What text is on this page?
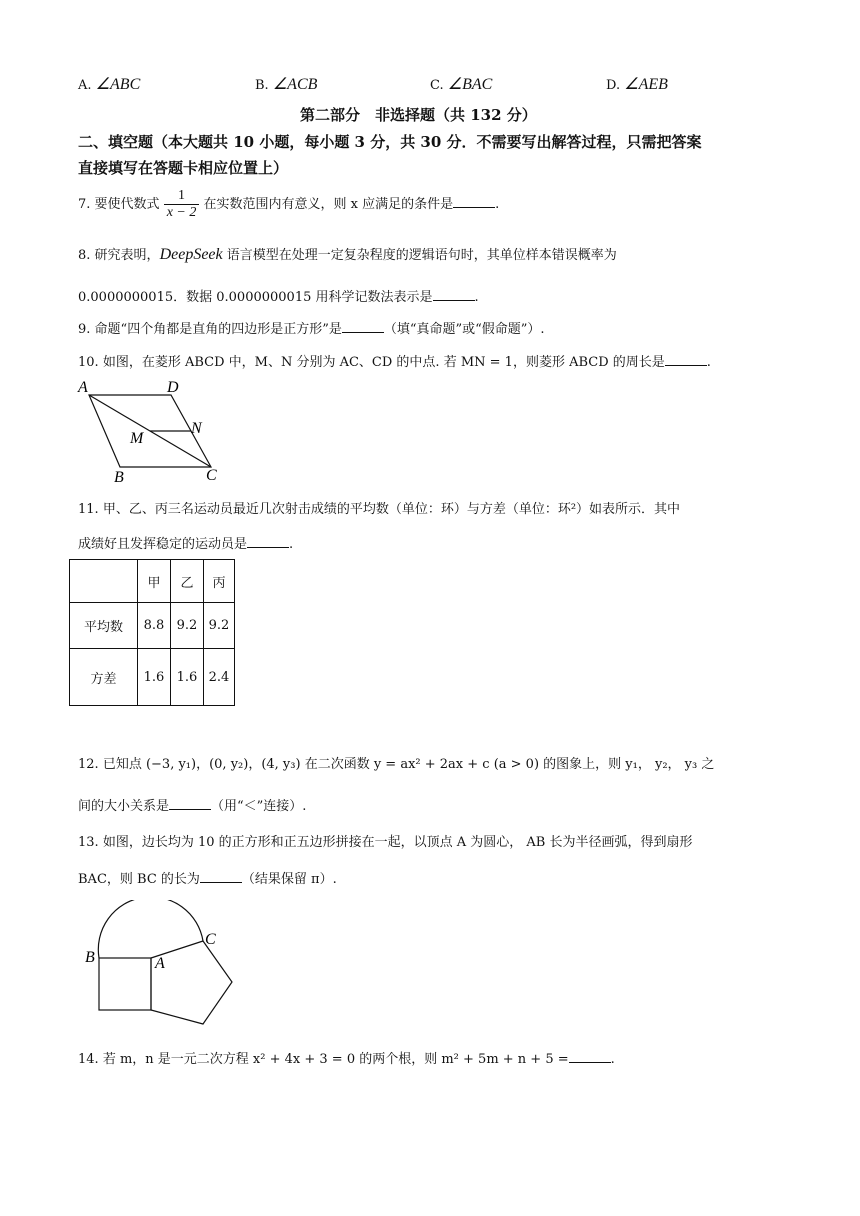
A. ∠ABC	B. ∠ACB	C. ∠BAC	D. ∠AEB
第二部分　非选择题（共 132 分）
二、填空题（本大题共 10 小题，每小题 3 分，共 30 分．不需要写出解答过程，只需把答案
直接填写在答题卡相应位置上）
7. 要使代数式 $\frac{1}{x - 2}$ 在实数范围内有意义，则 x 应满足的条件是	.
8. 研究表明，DeepSeek 语言模型在处理一定复杂程度的逻辑语句时，其单位样本错误概率为
0.0000000015．数据 0.0000000015 用科学记数法表示是	.
9. 命题“四个角都是直角的四边形是正方形”是	（填“真命题”或“假命题”）.
10. 如图，在菱形 ABCD 中，M、N 分别为 AC、CD 的中点. 若 MN = 1，则菱形 ABCD 的周长是	.
A	D
N
M
B	C
11. 甲、乙、丙三名运动员最近几次射击成绩的平均数（单位：环）与方差（单位：环²）如表所示．其中
成绩好且发挥稳定的运动员是	.
	甲	乙	丙
平均数	8.8	9.2	9.2
方差	1.6	1.6	2.4
12. 已知点 (−3, y₁)，(0, y₂)，(4, y₃) 在二次函数 y = ax² + 2ax + c (a > 0) 的图象上，则 y₁， y₂， y₃ 之
间的大小关系是	（用“＜”连接）.
13. 如图，边长均为 10 的正方形和正五边形拼接在一起，以顶点 A 为圆心， AB 长为半径画弧，得到扇形
BAC，则 BC 的长为	（结果保留 π）.
B	A
C
14. 若 m，n 是一元二次方程 x² + 4x + 3 = 0 的两个根，则 m² + 5m + n + 5 =	.
